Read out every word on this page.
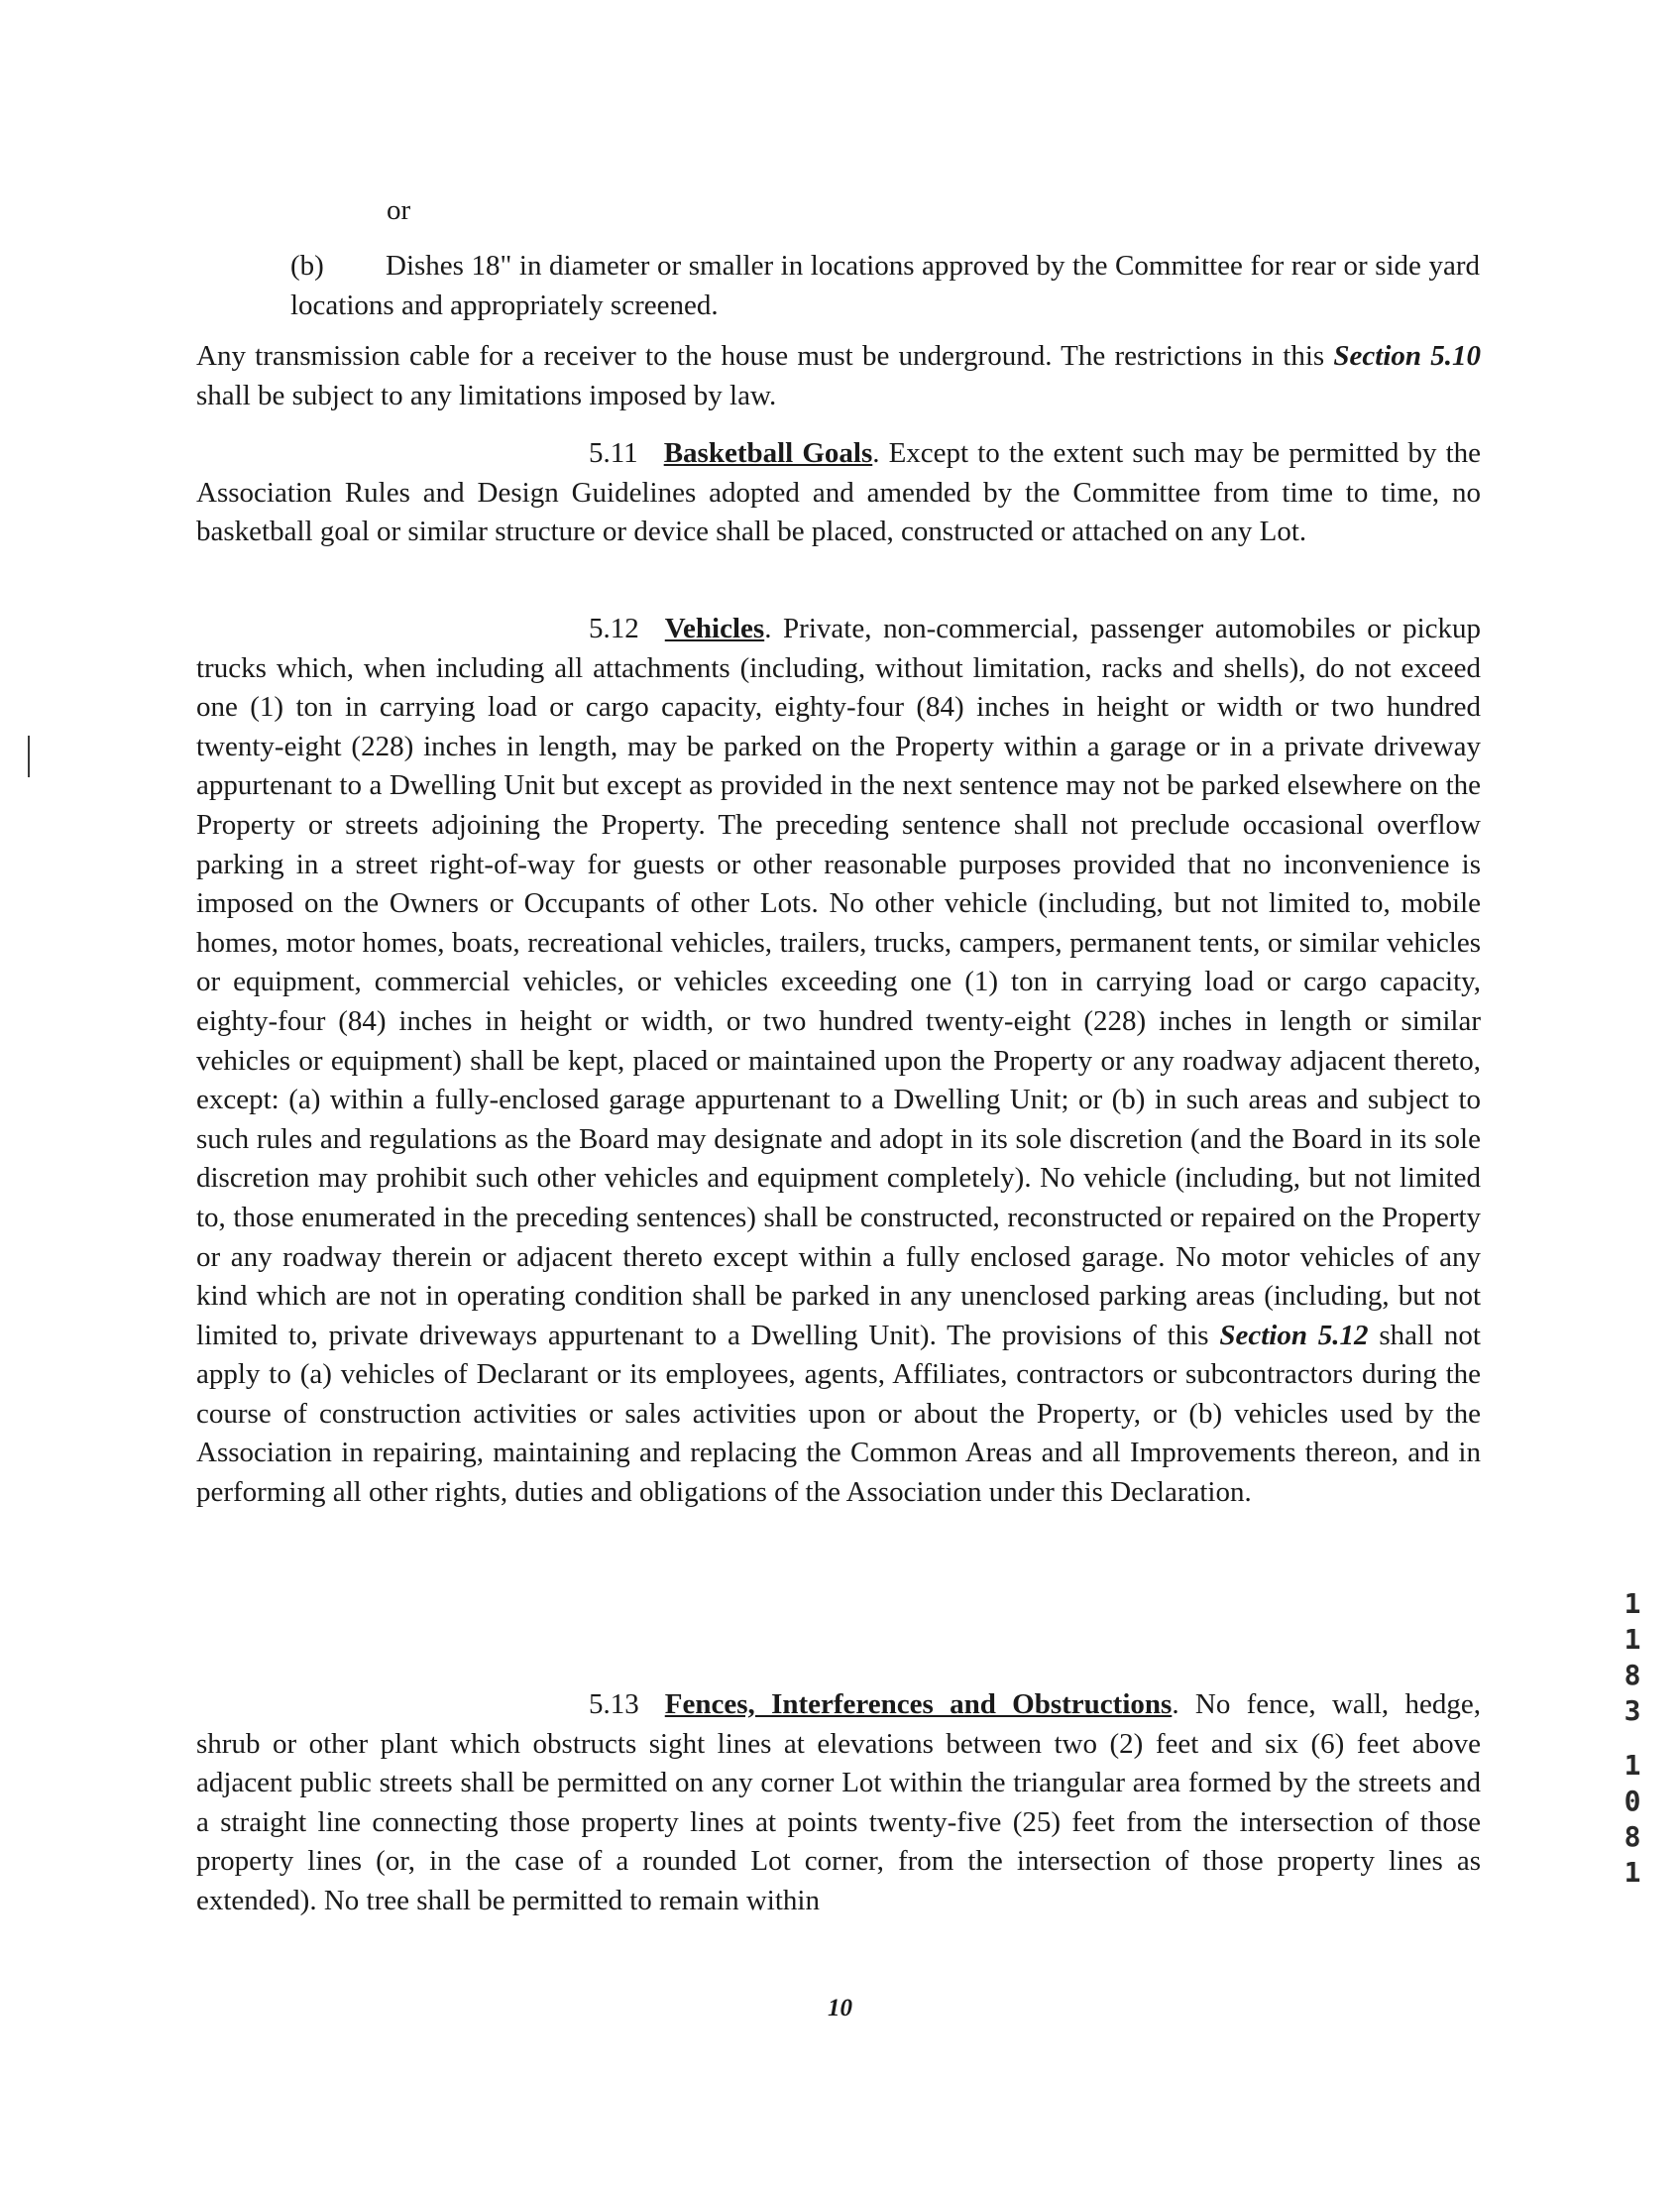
or
(b) Dishes 18" in diameter or smaller in locations approved by the Committee for rear or side yard locations and appropriately screened.

Any transmission cable for a receiver to the house must be underground. The restrictions in this Section 5.10 shall be subject to any limitations imposed by law.

5.11 Basketball Goals. Except to the extent such may be permitted by the Association Rules and Design Guidelines adopted and amended by the Committee from time to time, no basketball goal or similar structure or device shall be placed, constructed or attached on any Lot.

5.12 Vehicles. Private, non-commercial, passenger automobiles or pickup trucks which, when including all attachments (including, without limitation, racks and shells), do not exceed one (1) ton in carrying load or cargo capacity, eighty-four (84) inches in height or width or two hundred twenty-eight (228) inches in length, may be parked on the Property within a garage or in a private driveway appurtenant to a Dwelling Unit but except as provided in the next sentence may not be parked elsewhere on the Property or streets adjoining the Property. The preceding sentence shall not preclude occasional overflow parking in a street right-of-way for guests or other reasonable purposes provided that no inconvenience is imposed on the Owners or Occupants of other Lots. No other vehicle (including, but not limited to, mobile homes, motor homes, boats, recreational vehicles, trailers, trucks, campers, permanent tents, or similar vehicles or equipment, commercial vehicles, or vehicles exceeding one (1) ton in carrying load or cargo capacity, eighty-four (84) inches in height or width, or two hundred twenty-eight (228) inches in length or similar vehicles or equipment) shall be kept, placed or maintained upon the Property or any roadway adjacent thereto, except: (a) within a fully-enclosed garage appurtenant to a Dwelling Unit; or (b) in such areas and subject to such rules and regulations as the Board may designate and adopt in its sole discretion (and the Board in its sole discretion may prohibit such other vehicles and equipment completely). No vehicle (including, but not limited to, those enumerated in the preceding sentences) shall be constructed, reconstructed or repaired on the Property or any roadway therein or adjacent thereto except within a fully enclosed garage. No motor vehicles of any kind which are not in operating condition shall be parked in any unenclosed parking areas (including, but not limited to, private driveways appurtenant to a Dwelling Unit). The provisions of this Section 5.12 shall not apply to (a) vehicles of Declarant or its employees, agents, Affiliates, contractors or subcontractors during the course of construction activities or sales activities upon or about the Property, or (b) vehicles used by the Association in repairing, maintaining and replacing the Common Areas and all Improvements thereon, and in performing all other rights, duties and obligations of the Association under this Declaration.

5.13 Fences, Interferences and Obstructions. No fence, wall, hedge, shrub or other plant which obstructs sight lines at elevations between two (2) feet and six (6) feet above adjacent public streets shall be permitted on any corner Lot within the triangular area formed by the streets and a straight line connecting those property lines at points twenty-five (25) feet from the intersection of those property lines (or, in the case of a rounded Lot corner, from the intersection of those property lines as extended). No tree shall be permitted to remain within

10
1183
1081
